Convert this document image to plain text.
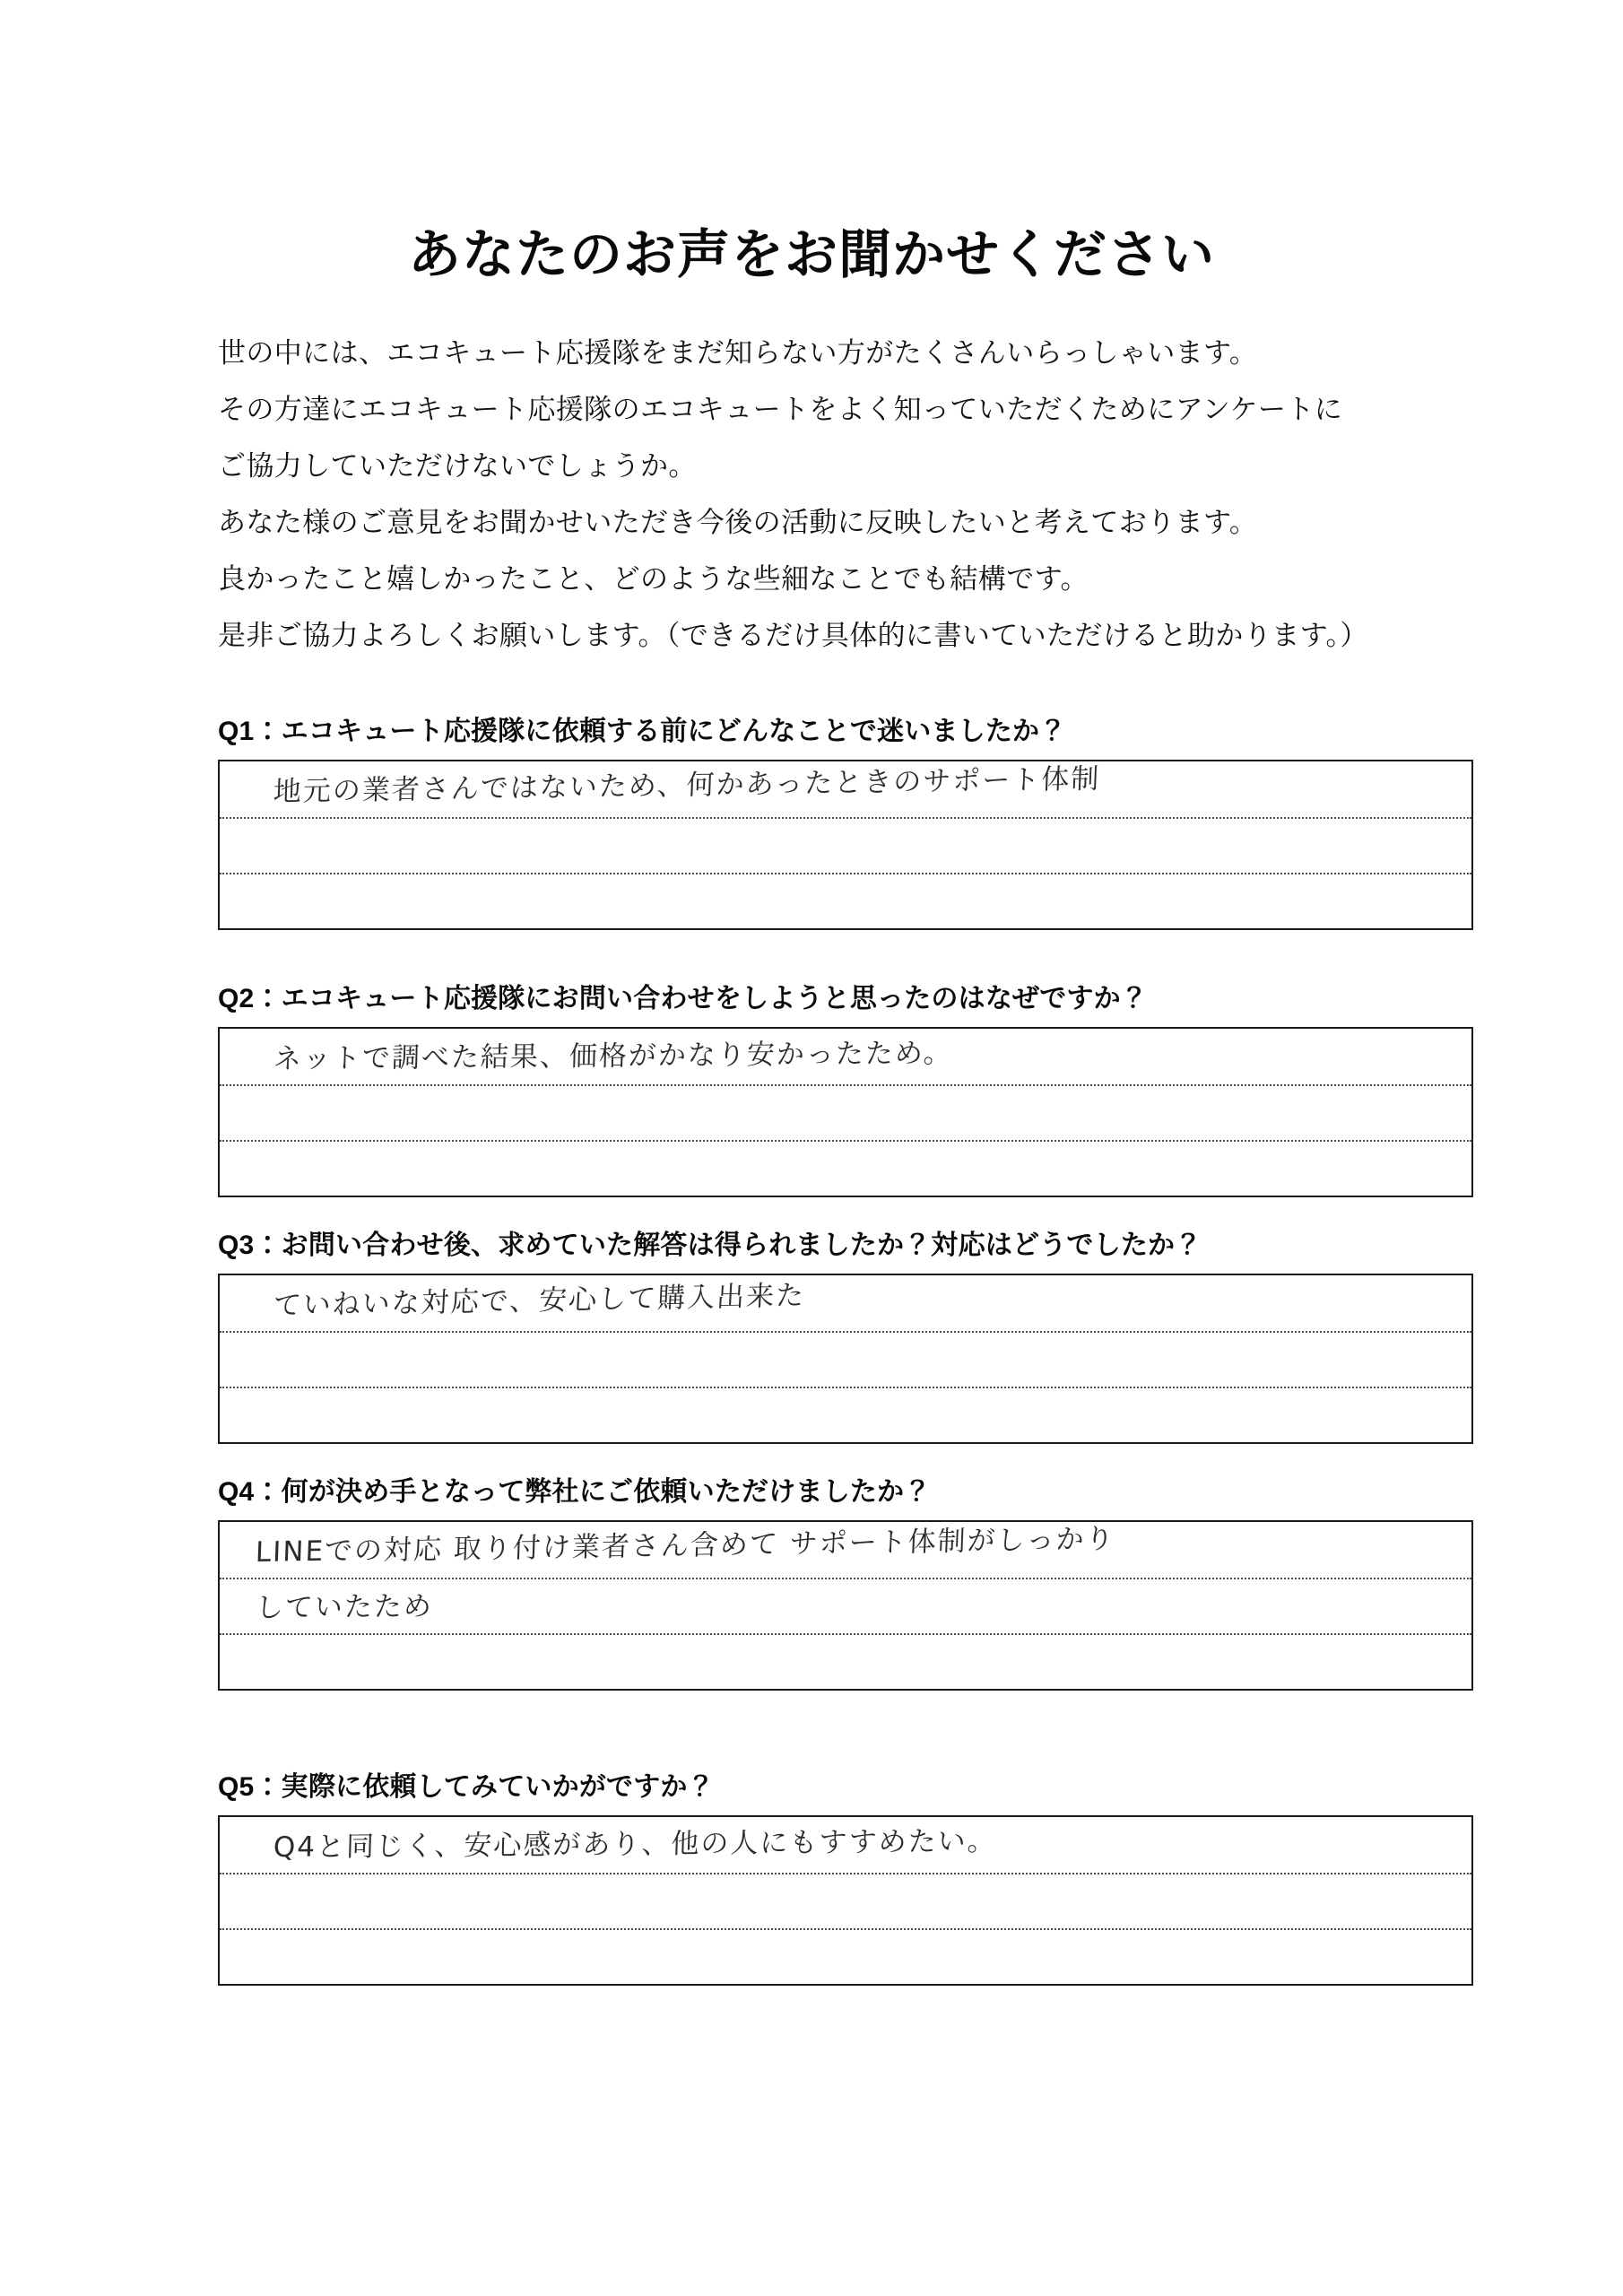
あなたのお声をお聞かせください
世の中には、エコキュート応援隊をまだ知らない方がたくさんいらっしゃいます。
その方達にエコキュート応援隊のエコキュートをよく知っていただくためにアンケートに
ご協力していただけないでしょうか。
あなた様のご意見をお聞かせいただき今後の活動に反映したいと考えております。
良かったこと嬉しかったこと、どのような些細なことでも結構です。
是非ご協力よろしくお願いします。（できるだけ具体的に書いていただけると助かります。）
Q1：エコキュート応援隊に依頼する前にどんなことで迷いましたか？
地元の業者さんではないため、何かあったときのサポート体制
Q2：エコキュート応援隊にお問い合わせをしようと思ったのはなぜですか？
ネットで調べた結果、価格がかなり安かったため。
Q3：お問い合わせ後、求めていた解答は得られましたか？対応はどうでしたか？
ていねいな対応で、安心して購入出来た
Q4：何が決め手となって弊社にご依頼いただけましたか？
LINEでの対応 取り付け業者さん含めて サポート体制がしっかり
していたため
Q5：実際に依頼してみていかがですか？
Q4と同じく、安心感があり、他の人にもすすめたい。
